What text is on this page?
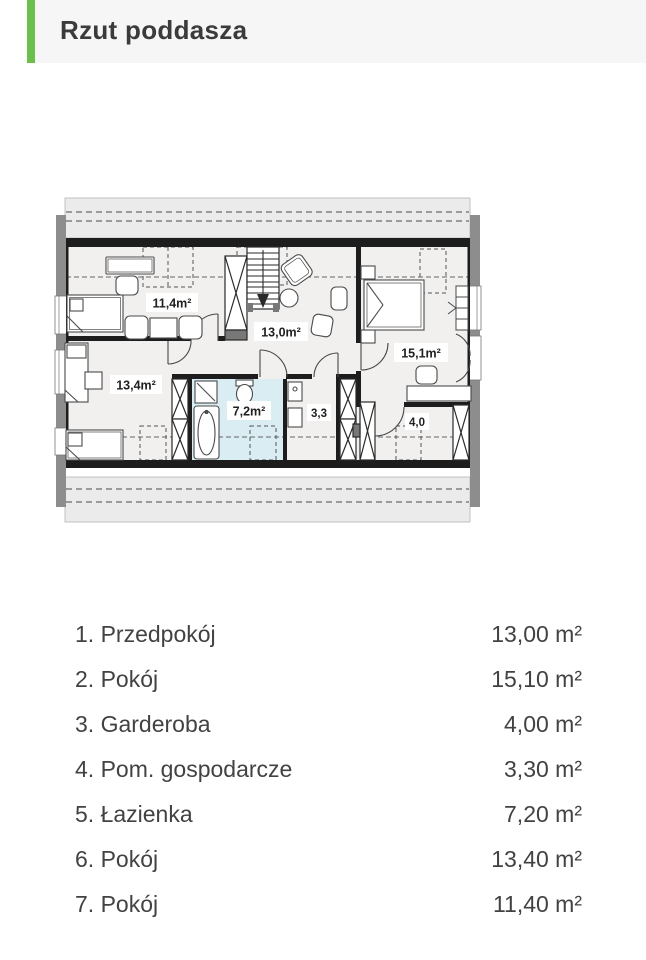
Rzut poddasza
11,4m²
13,0m²
15,1m²
13,4m²
7,2m²	3,3
4,0
1. Przedpokój	13,00 m²
2. Pokój	15,10 m²
3. Garderoba	4,00 m²
4. Pom. gospodarcze	3,30 m²
5. Łazienka	7,20 m²
6. Pokój	13,40 m²
7. Pokój	11,40 m²
